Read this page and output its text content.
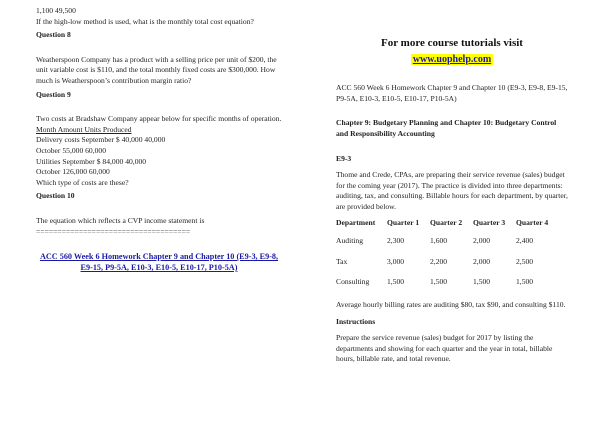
1,100 49,500

If the high-low method is used, what is the monthly total cost equation?

Question 8

Weatherspoon Company has a product with a selling price per unit of $200, the unit variable cost is $110, and the total monthly fixed costs are $300,000. How much is Weatherspoon’s contribution margin ratio?

Question 9

Two costs at Bradshaw Company appear below for specific months of operation.

Month Amount Units Produced

Delivery costs September $ 40,000 40,000

October 55,000 60,000

Utilities September $ 84,000 40,000

October 126,000 60,000

Which type of costs are these?

Question 10

The equation which reflects a CVP income statement is

====================================

ACC 560 Week 6 Homework Chapter 9 and Chapter 10 (E9-3, E9-8, E9-15, P9-5A, E10-3, E10-5, E10-17, P10-5A)

For more course tutorials visit

www.uophelp.com

ACC 560 Week 6 Homework Chapter 9 and Chapter 10 (E9-3, E9-8, E9-15, P9-5A, E10-3, E10-5, E10-17, P10-5A)

Chapter 9: Budgetary Planning and Chapter 10: Budgetary Control and Responsibility Accounting

E9-3

Thome and Crede, CPAs, are preparing their service revenue (sales) budget for the coming year (2017). The practice is divided into three departments: auditing, tax, and consulting. Billable hours for each department, by quarter, are provided below.

Department	Quarter 1	Quarter 2	Quarter 3	Quarter 4
Auditing	2,300	1,600	2,000	2,400
Tax	3,000	2,200	2,000	2,500
Consulting	1,500	1,500	1,500	1,500

Average hourly billing rates are auditing $80, tax $90, and consulting $110.

Instructions

Prepare the service revenue (sales) budget for 2017 by listing the departments and showing for each quarter and the year in total, billable hours, billable rate, and total revenue.
